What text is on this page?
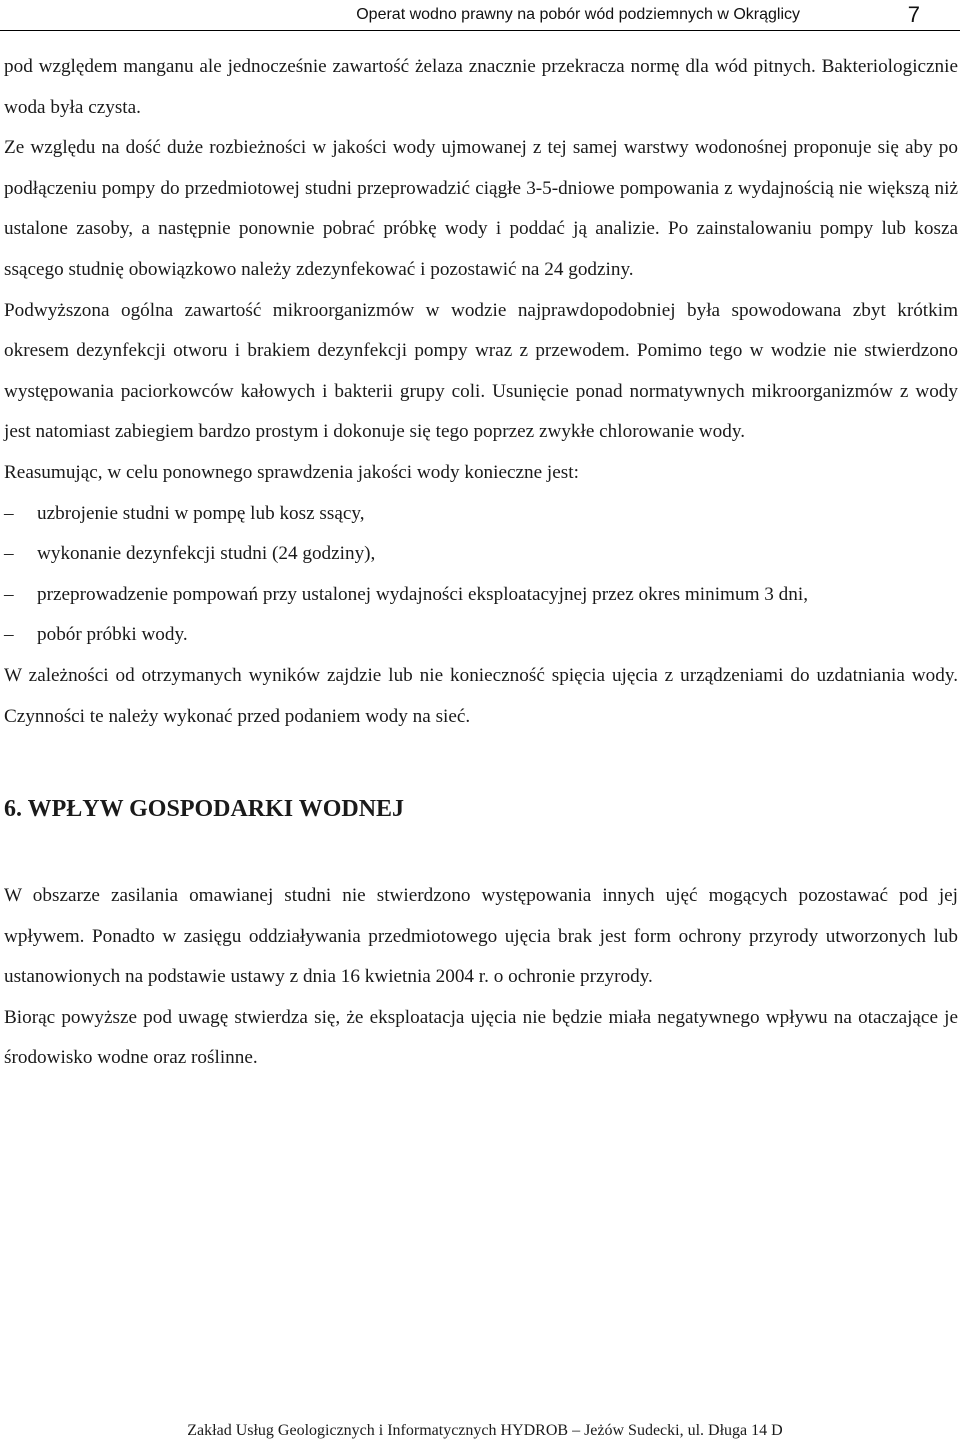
Operat wodno prawny na pobór wód podziemnych w Okrąglicy	7

pod względem manganu ale jednocześnie zawartość żelaza znacznie przekracza normę dla wód pitnych. Bakteriologicznie woda była czysta.

Ze względu na dość duże rozbieżności w jakości wody ujmowanej z tej samej warstwy wodonośnej proponuje się aby po podłączeniu pompy do przedmiotowej studni przeprowadzić ciągłe 3-5-dniowe pompowania z wydajnością nie większą niż ustalone zasoby, a następnie ponownie pobrać próbkę wody i poddać ją analizie. Po zainstalowaniu pompy lub kosza ssącego studnię obowiązkowo należy zdezynfekować i pozostawić na 24 godziny.

Podwyższona ogólna zawartość mikroorganizmów w wodzie najprawdopodobniej była spowodowana zbyt krótkim okresem dezynfekcji otworu i brakiem dezynfekcji pompy wraz z przewodem. Pomimo tego w wodzie nie stwierdzono występowania paciorkowców kałowych i bakterii grupy coli. Usunięcie ponad normatywnych mikroorganizmów z wody jest natomiast zabiegiem bardzo prostym i dokonuje się tego poprzez zwykłe chlorowanie wody.

Reasumując, w celu ponownego sprawdzenia jakości wody konieczne jest:

–	uzbrojenie studni w pompę lub kosz ssący,
–	wykonanie dezynfekcji studni (24 godziny),
–	przeprowadzenie pompowań przy ustalonej wydajności eksploatacyjnej przez okres minimum 3 dni,
–	pobór próbki wody.

W zależności od otrzymanych wyników zajdzie lub nie konieczność spięcia ujęcia z urządzeniami do uzdatniania wody. Czynności te należy wykonać przed podaniem wody na sieć.

6. WPŁYW GOSPODARKI WODNEJ

W obszarze zasilania omawianej studni nie stwierdzono występowania innych ujęć mogących pozostawać pod jej wpływem. Ponadto w zasięgu oddziaływania przedmiotowego ujęcia brak jest form ochrony przyrody utworzonych lub ustanowionych na podstawie ustawy z dnia 16 kwietnia 2004 r. o ochronie przyrody.

Biorąc powyższe pod uwagę stwierdza się, że eksploatacja ujęcia nie będzie miała negatywnego wpływu na otaczające je środowisko wodne oraz roślinne.

Zakład Usług Geologicznych i Informatycznych HYDROB – Jeżów Sudecki, ul. Długa 14 D
